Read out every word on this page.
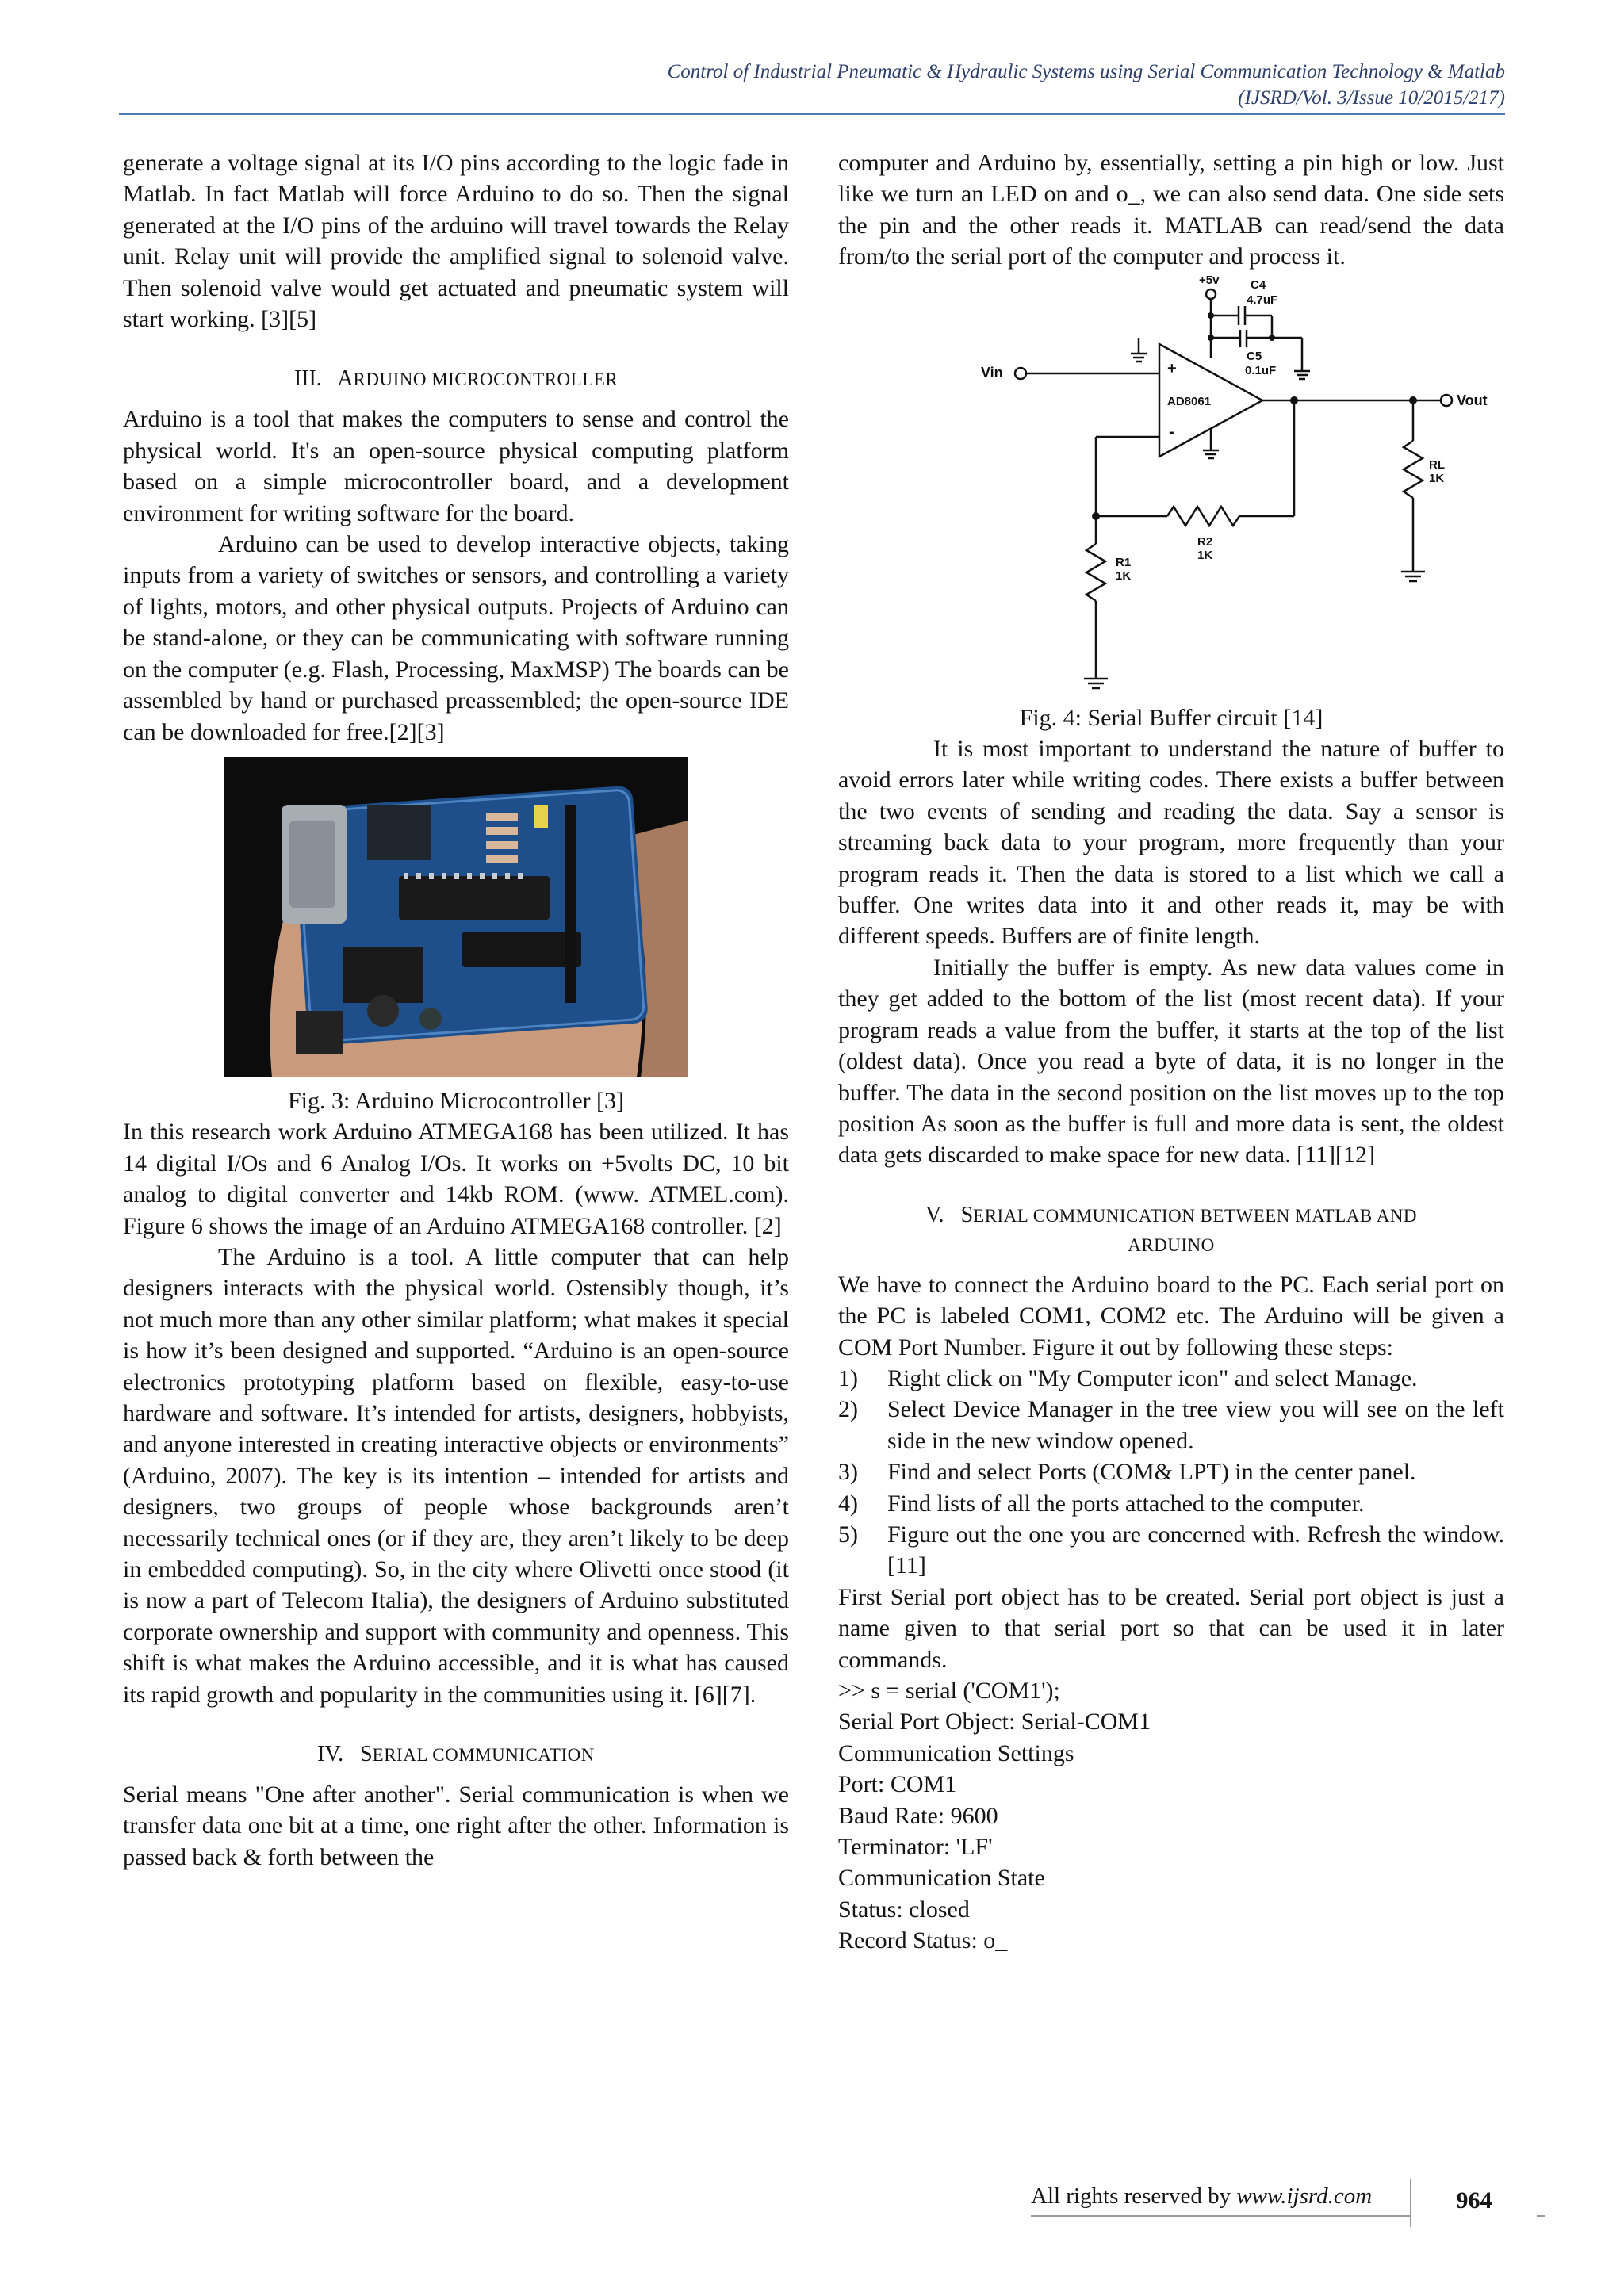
Control of Industrial Pneumatic & Hydraulic Systems using Serial Communication Technology & Matlab
(IJSRD/Vol. 3/Issue 10/2015/217)

generate a voltage signal at its I/O pins according to the logic fade in Matlab. In fact Matlab will force Arduino to do so. Then the signal generated at the I/O pins of the arduino will travel towards the Relay unit. Relay unit will provide the amplified signal to solenoid valve. Then solenoid valve would get actuated and pneumatic system will start working. [3][5]

III. ARDUINO MICROCONTROLLER

Arduino is a tool that makes the computers to sense and control the physical world. It's an open-source physical computing platform based on a simple microcontroller board, and a development environment for writing software for the board.

Arduino can be used to develop interactive objects, taking inputs from a variety of switches or sensors, and controlling a variety of lights, motors, and other physical outputs. Projects of Arduino can be stand-alone, or they can be communicating with software running on the computer (e.g. Flash, Processing, MaxMSP) The boards can be assembled by hand or purchased preassembled; the open-source IDE can be downloaded for free.[2][3]

Fig. 3: Arduino Microcontroller [3]

In this research work Arduino ATMEGA168 has been utilized. It has 14 digital I/Os and 6 Analog I/Os. It works on +5volts DC, 10 bit analog to digital converter and 14kb ROM. (www. ATMEL.com). Figure 6 shows the image of an Arduino ATMEGA168 controller. [2]

The Arduino is a tool. A little computer that can help designers interacts with the physical world. Ostensibly though, it’s not much more than any other similar platform; what makes it special is how it’s been designed and supported. “Arduino is an open-source electronics prototyping platform based on flexible, easy-to-use hardware and software. It’s intended for artists, designers, hobbyists, and anyone interested in creating interactive objects or environments” (Arduino, 2007). The key is its intention – intended for artists and designers, two groups of people whose backgrounds aren’t necessarily technical ones (or if they are, they aren’t likely to be deep in embedded computing). So, in the city where Olivetti once stood (it is now a part of Telecom Italia), the designers of Arduino substituted corporate ownership and support with community and openness. This shift is what makes the Arduino accessible, and it is what has caused its rapid growth and popularity in the communities using it. [6][7].

IV. SERIAL COMMUNICATION

Serial means "One after another". Serial communication is when we transfer data one bit at a time, one right after the other. Information is passed back & forth between the

computer and Arduino by, essentially, setting a pin high or low. Just like we turn an LED on and o_, we can also send data. One side sets the pin and the other reads it. MATLAB can read/send the data from/to the serial port of the computer and process it.

+5v	C4
4.7uF
C5
0.1uF
Vin	+
AD8061
-
Vout
RL
1K
R2
1K
R1
1K

Fig. 4: Serial Buffer circuit [14]

It is most important to understand the nature of buffer to avoid errors later while writing codes. There exists a buffer between the two events of sending and reading the data. Say a sensor is streaming back data to your program, more frequently than your program reads it. Then the data is stored to a list which we call a buffer. One writes data into it and other reads it, may be with different speeds. Buffers are of finite length.

Initially the buffer is empty. As new data values come in they get added to the bottom of the list (most recent data). If your program reads a value from the buffer, it starts at the top of the list (oldest data). Once you read a byte of data, it is no longer in the buffer. The data in the second position on the list moves up to the top position As soon as the buffer is full and more data is sent, the oldest data gets discarded to make space for new data. [11][12]

V. SERIAL COMMUNICATION BETWEEN MATLAB AND
ARDUINO

We have to connect the Arduino board to the PC. Each serial port on the PC is labeled COM1, COM2 etc. The Arduino will be given a COM Port Number. Figure it out by following these steps:

1) Right click on "My Computer icon" and select Manage.
2) Select Device Manager in the tree view you will see on the left side in the new window opened.
3) Find and select Ports (COM& LPT) in the center panel.
4) Find lists of all the ports attached to the computer.
5) Figure out the one you are concerned with. Refresh the window. [11]

First Serial port object has to be created. Serial port object is just a name given to that serial port so that can be used it in later commands.

>> s = serial ('COM1');

Serial Port Object: Serial-COM1

Communication Settings

Port: COM1

Baud Rate: 9600

Terminator: 'LF'

Communication State

Status: closed

Record Status: o_

All rights reserved by www.ijsrd.com	964
